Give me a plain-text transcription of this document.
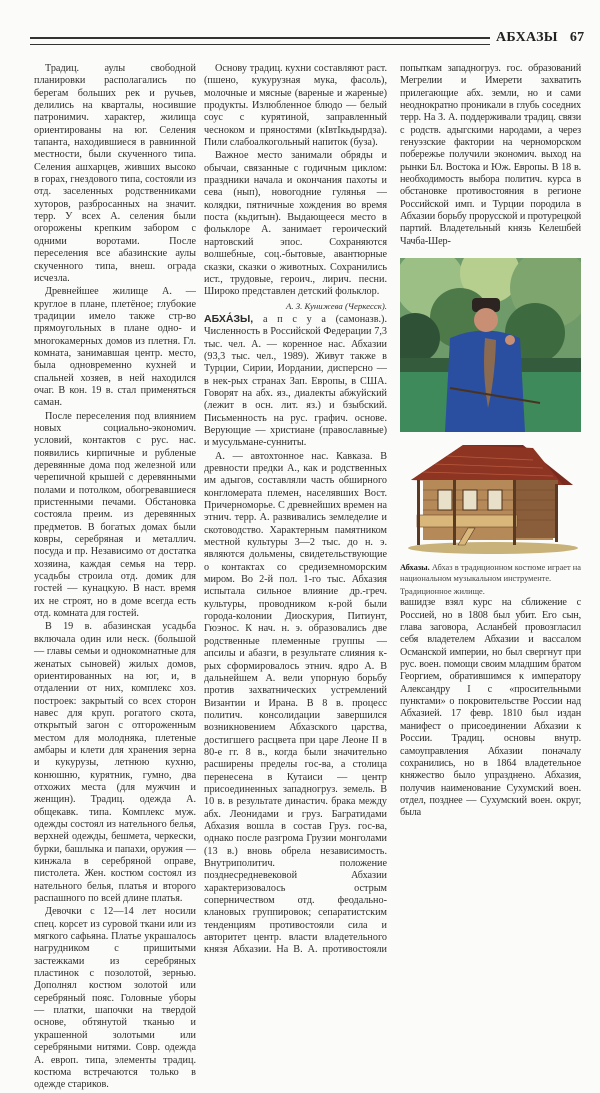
АБХАЗЫ 67

Традиц. аулы свободной планировки располагались по берегам больших рек и ручьев, делились на кварталы, носившие патронимич. характер, жилища ориентированы на юг. Селения тапанта, находившиеся в равнинной местности, были скученного типа. Селения ашхарцев, живших высоко в горах, гнездового типа, состояли из отд. заселенных родственниками хуторов, разбросанных на значит. терр. У всех А. селения были огорожены крепким забором с одними воротами. После переселения все абазинские аулы скученного типа, внеш. ограда исчезла.

Древнейшее жилище А. — круглое в плане, плетёное; глубокие традиции имело также стр-во прямоугольных в плане одно- и многокамерных домов из плетня. Гл. комната, занимавшая центр. место, была одновременно кухней и спальней хозяев, в ней находился очаг. В кон. 19 в. стал применяться саман.

После переселения под влиянием новых социально-экономич. условий, контактов с рус. нас. появились кирпичные и рубленые деревянные дома под железной или черепичной крышей с деревянными полами и потолком, обогревавшиеся пристенными печами. Обстановка состояла преим. из деревянных предметов. В богатых домах были ковры, серебряная и металлич. посуда и пр. Независимо от достатка хозяина, каждая семья на терр. усадьбы строила отд. домик для гостей — кунацкую. В наст. время их не строят, но в доме всегда есть отд. комната для гостей.

В 19 в. абазинская усадьба включала один или неск. (большой — главы семьи и однокомнатные для женатых сыновей) жилых домов, ориентированных на юг, и, в отдалении от них, комплекс хоз. построек: закрытый со всех сторон навес для круп. рогатого скота, открытый загон с отгороженным местом для молодняка, плетеные амбары и клети для хранения зерна и кукурузы, летнюю кухню, конюшню, курятник, гумно, два отхожих места (для мужчин и женщин). Традиц. одежда А. общекавк. типа. Комплекс муж. одежды состоял из нательного белья, верхней одежды, бешмета, черкески, бурки, башлыка и папахи, оружия — кинжала в серебряной оправе, пистолета. Жен. костюм состоял из нательного белья, платья и второго распашного по всей длине платья.

Девочки с 12—14 лет носили спец. корсет из суровой ткани или из мягкого сафьяна. Платье украшалось нагрудником с пришитыми застежками из серебряных пластинок с позолотой, зернью. Дополнял костюм золотой или серебряный пояс. Головные уборы — платки, шапочки на твердой основе, обтянутой тканью и украшенной золотыми или серебряными нитями. Совр. одежда А. европ. типа, элементы традиц. костюма встречаются только в одежде стариков.

Основу традиц. кухни составляют раст. (пшено, кукурузная мука, фасоль), молочные и мясные (вареные и жареные) продукты. Излюбленное блюдо — белый соус с курятиной, заправленный чесноком и пряностями (кІвтІкьдырдза). Пили слабоалкогольный напиток (буза).

Важное место занимали обряды и обычаи, связанные с годичным циклом: праздники начала и окончания пахоты и сева (нып), новогодние гулянья — колядки, пятничные хождения во время поста (кьдитын). Выдающееся место в фольклоре А. занимает героический нартовский эпос. Сохраняются волшебные, соц.-бытовые, авантюрные сказки, сказки о животных. Сохранились ист., трудовые, героич., лирич. песни. Широко представлен детский фольклор.

А. З. Кунижева (Черкесск).

АБХА́ЗЫ, а п с у а (самоназв.). Численность в Российской Федерации 7,3 тыс. чел. А. — коренное нас. Абхазии (93,3 тыс. чел., 1989). Живут также в Турции, Сирии, Иордании, дисперсно — в нек-рых странах Зап. Европы, в США. Говорят на абх. яз., диалекты абжуйский (лежит в осн. лит. яз.) и бзыбский. Письменность на рус. графич. основе. Верующие — христиане (православные) и мусульмане-сунниты.

А. — автохтонное нас. Кавказа. В древности предки А., как и родственных им адыгов, составляли часть обширного конгломерата племен, населявших Вост. Причерноморье. С древнейших времен на этнич. терр. А. развивались земледелие и скотоводство. Характерным памятником местной культуры 3—2 тыс. до н. э. являются дольмены, свидетельствующие о контактах со средиземноморским миром. Во 2-й пол. 1-го тыс. Абхазия испытала сильное влияние др.-греч. культуры, проводником к-рой были города-колонии Диоскурия, Питиунт, Гюэнос. К нач. н. э. образовались две родственные племенные группы — апсилы и абазги, в результате слияния к-рых сформировалось этнич. ядро А. В дальнейшем А. вели упорную борьбу против захватнических устремлений Византии и Ирана. В 8 в. процесс политич. консолидации завершился возникновением Абхазского царства, достигшего расцвета при царе Леоне II в 80-е гг. 8 в., когда были значительно расширены пределы гос-ва, а столица перенесена в Кутаиси — центр присоединенных западногруз. земель. В 10 в. в результате династич. брака между абх. Леонидами и груз. Багратидами Абхазия вошла в состав Груз. гос-ва, однако после разгрома Грузии монголами (13 в.) вновь обрела независимость. Внутриполитич. положение позднесредневековой Абхазии характеризовалось острым соперничеством отд. феодально-клановых группировок; сепаратистским тенденциям противостояли сила и авторитет центр. власти владетельного князя Абхазии. На В. А. противостояли

попыткам западногруз. гос. образований Мегрелии и Имерети захватить прилегающие абх. земли, но и сами неоднократно проникали в глубь соседних терр. На З. А. поддерживали традиц. связи с родств. адыгскими народами, а через генуэзские фактории на черноморском побережье получили экономич. выход на рынки Бл. Востока и Юж. Европы. В 18 в. необходимость выбора политич. курса в обстановке противостояния в регионе Российской имп. и Турции породила в Абхазии борьбу прорусской и протурецкой партий. Владетельный князь Келешбей Чачба-Шер-

Абхазы. Абхаз в традиционном костюме играет на национальном музыкальном инструменте.
Традиционное жилище.

вашидзе взял курс на сближение с Россией, но в 1808 был убит. Его сын, глава заговора, Асланбей провозгласил себя владетелем Абхазии и вассалом Османской империи, но был свергнут при рус. воен. помощи своим младшим братом Георгием, обратившимся к императору Александру I с «просительными пунктами» о покровительстве России над Абхазией. 17 февр. 1810 был издан манифест о присоединении Абхазии к России. Традиц. основы внутр. самоуправления Абхазии поначалу сохранились, но в 1864 владетельное княжество было упразднено. Абхазия, получив наименование Сухумский воен. отдел, позднее — Сухумский воен. округ, была
